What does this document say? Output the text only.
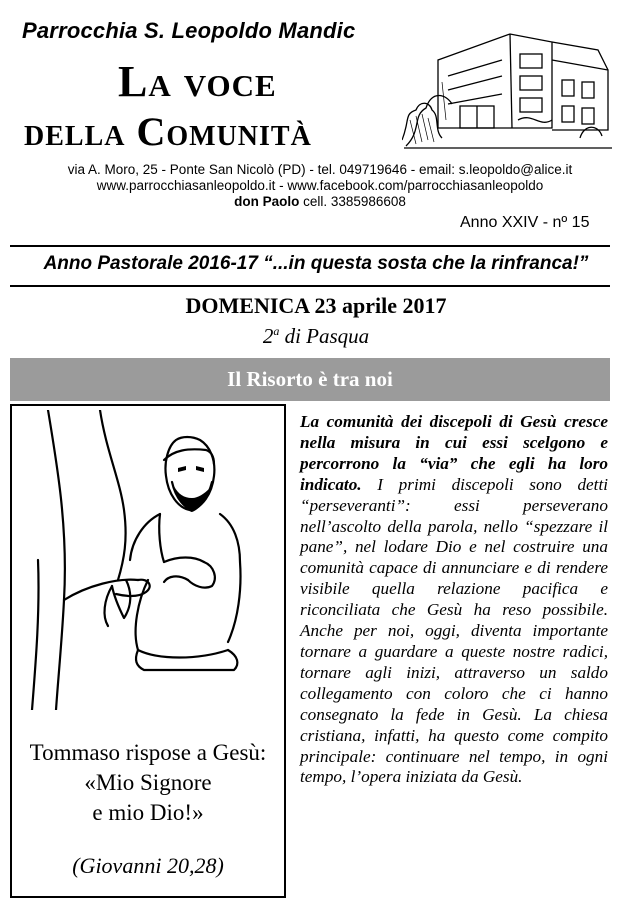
Parrocchia S. Leopoldo Mandic
La voce
della Comunità
via A. Moro, 25 - Ponte San Nicolò (PD) - tel. 049719646 - email: s.leopoldo@alice.it
www.parrocchiasanleopoldo.it - www.facebook.com/parrocchiasanleopoldo
don Paolo cell. 3385986608
Anno XXIV - nº 15
Anno Pastorale 2016-17 “...in questa sosta che la rinfranca!”
DOMENICA 23 aprile 2017
2$^a$ di Pasqua
Il Risorto è tra noi
Tommaso rispose a Gesù:
«Mio Signore
e mio Dio!»
(Giovanni 20,28)
La comunità dei discepoli di Gesù cresce nella misura in cui essi scelgono e percorrono la “via” che egli ha loro indicato. I primi discepoli sono detti “perseveranti”: essi perseverano nell’ascolto della parola, nello “spezzare il pane”, nel lodare Dio e nel costruire una comunità capace di annunciare e di rendere visibile quella relazione pacifica e riconciliata che Gesù ha reso possibile. Anche per noi, oggi, diventa importante tornare a guardare a queste nostre radici, tornare agli inizi, attraverso un saldo collegamento con coloro che ci hanno consegnato la fede in Gesù. La chiesa cristiana, infatti, ha questo come compito principale: continuare nel tempo, in ogni tempo, l’opera iniziata da Gesù.
